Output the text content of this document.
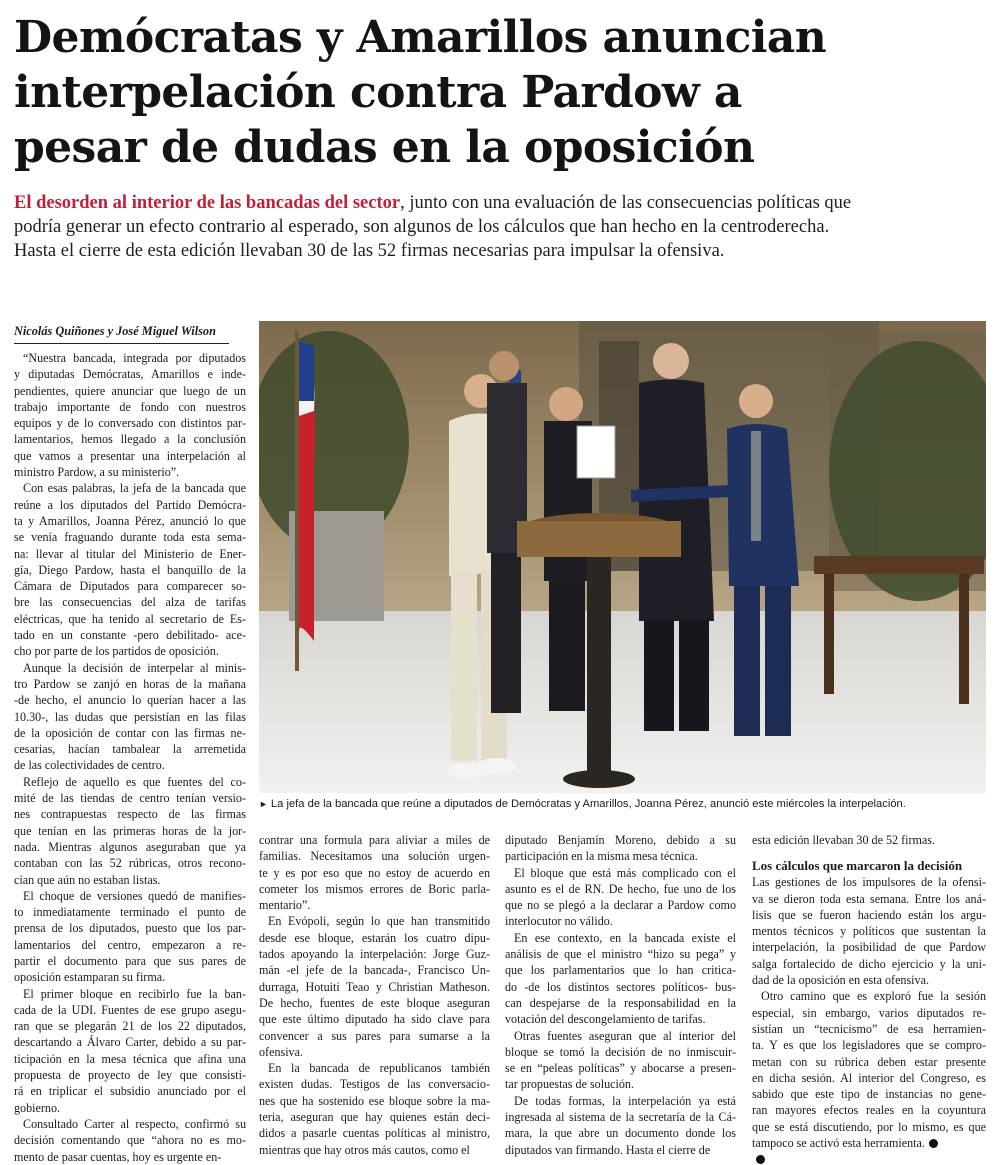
Demócratas y Amarillos anuncian
interpelación contra Pardow a
pesar de dudas en la oposición
El desorden al interior de las bancadas del sector, junto con una evaluación de las consecuencias políticas que
podría generar un efecto contrario al esperado, son algunos de los cálculos que han hecho en la centroderecha.
Hasta el cierre de esta edición llevaban 30 de las 52 firmas necesarias para impulsar la ofensiva.
Nicolás Quiñones y José Miguel Wilson
“Nuestra bancada, integrada por diputados
y diputadas Demócratas, Amarillos e inde-
pendientes, quiere anunciar que luego de un
trabajo importante de fondo con nuestros
equipos y de lo conversado con distintos par-
lamentarios, hemos llegado a la conclusión
que vamos a presentar una interpelación al
ministro Pardow, a su ministerio”.
Con esas palabras, la jefa de la bancada que
reúne a los diputados del Partido Demócra-
ta y Amarillos, Joanna Pérez, anunció lo que
se venía fraguando durante toda esta sema-
na: llevar al titular del Ministerio de Ener-
gía, Diego Pardow, hasta el banquillo de la
Cámara de Diputados para comparecer so-
bre las consecuencias del alza de tarifas
eléctricas, que ha tenido al secretario de Es-
tado en un constante -pero debilitado- ace-
cho por parte de los partidos de oposición.
Aunque la decisión de interpelar al minis-
tro Pardow se zanjó en horas de la mañana
-de hecho, el anuncio lo querían hacer a las
10.30-, las dudas que persistían en las filas
de la oposición de contar con las firmas ne-
cesarias, hacían tambalear la arremetida
de las colectividades de centro.
Reflejo de aquello es que fuentes del co-
mité de las tiendas de centro tenían versio-
nes contrapuestas respecto de las firmas
que tenían en las primeras horas de la jor-
nada. Mientras algunos aseguraban que ya
contaban con las 52 rúbricas, otros recono-
cían que aún no estaban listas.
El choque de versiones quedó de manifies-
to inmediatamente terminado el punto de
prensa de los diputados, puesto que los par-
lamentarios del centro, empezaron a re-
partir el documento para que sus pares de
oposición estamparan su firma.
El primer bloque en recibirlo fue la ban-
cada de la UDI. Fuentes de ese grupo asegu-
ran que se plegarán 21 de los 22 diputados,
descartando a Álvaro Carter, debido a su par-
ticipación en la mesa técnica que afina una
propuesta de proyecto de ley que consisti-
rá en triplicar el subsidio anunciado por el
gobierno.
Consultado Carter al respecto, confirmó su
decisión comentando que “ahora no es mo-
mento de pasar cuentas, hoy es urgente en-
► La jefa de la bancada que reúne a diputados de Demócratas y Amarillos, Joanna Pérez, anunció este miércoles la interpelación.
contrar una formula para aliviar a miles de
familias. Necesitamos una solución urgen-
te y es por eso que no estoy de acuerdo en
cometer los mismos errores de Boric parla-
mentario”.
En Evópoli, según lo que han transmitido
desde ese bloque, estarán los cuatro dipu-
tados apoyando la interpelación: Jorge Guz-
mán -el jefe de la bancada-, Francisco Un-
durraga, Hotuiti Teao y Christian Matheson.
De hecho, fuentes de este bloque aseguran
que este último diputado ha sido clave para
convencer a sus pares para sumarse a la
ofensiva.
En la bancada de republicanos también
existen dudas. Testigos de las conversacio-
nes que ha sostenido ese bloque sobre la ma-
teria, aseguran que hay quienes están deci-
didos a pasarle cuentas políticas al ministro,
mientras que hay otros más cautos, como el
diputado Benjamín Moreno, debido a su
participación en la misma mesa técnica.
El bloque que está más complicado con el
asunto es el de RN. De hecho, fue uno de los
que no se plegó a la declarar a Pardow como
interlocutor no válido.
En ese contexto, en la bancada existe el
análisis de que el ministro “hizo su pega” y
que los parlamentarios que lo han critica-
do -de los distintos sectores políticos- bus-
can despejarse de la responsabilidad en la
votación del descongelamiento de tarifas.
Otras fuentes aseguran que al interior del
bloque se tomó la decisión de no inmiscuir-
se en “peleas políticas” y abocarse a presen-
tar propuestas de solución.
De todas formas, la interpelación ya está
ingresada al sistema de la secretaría de la Cá-
mara, la que abre un documento donde los
diputados van firmando. Hasta el cierre de
esta edición llevaban 30 de 52 firmas.
Los cálculos que marcaron la decisión
Las gestiones de los impulsores de la ofensi-
va se dieron toda esta semana. Entre los aná-
lisis que se fueron haciendo están los argu-
mentos técnicos y políticos que sustentan la
interpelación, la posibilidad de que Pardow
salga fortalecido de dicho ejercicio y la uni-
dad de la oposición en esta ofensiva.
Otro camino que es exploró fue la sesión
especial, sin embargo, varios diputados re-
sistían un “tecnicismo” de esa herramien-
ta. Y es que los legisladores que se compro-
metan con su rúbrica deben estar presente
en dicha sesión. Al interior del Congreso, es
sabido que este tipo de instancias no gene-
ran mayores efectos reales en la coyuntura
que se está discutiendo, por lo mismo, es que
tampoco se activó esta herramienta.
